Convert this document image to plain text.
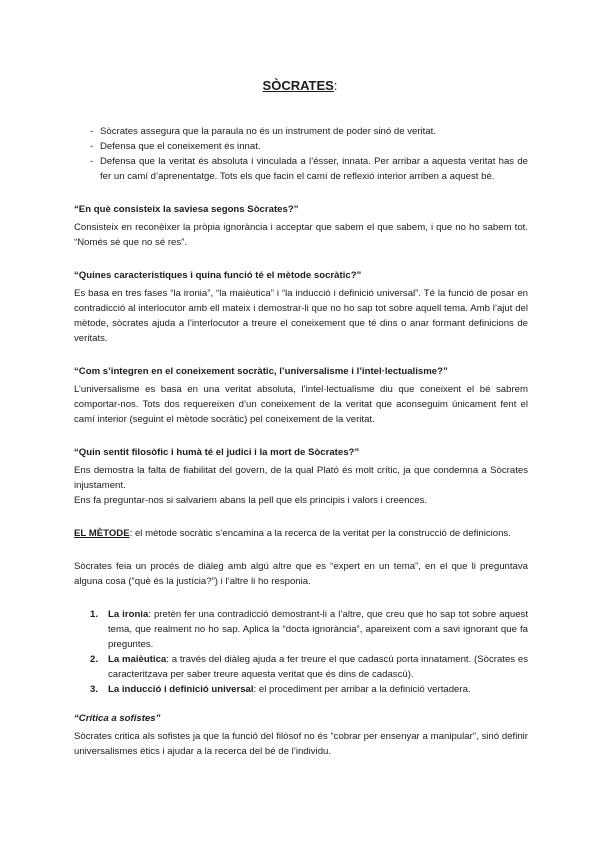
SÒCRATES:
- Sòcrates assegura que la paraula no és un instrument de poder sinó de veritat.
- Defensa que el coneixement és innat.
- Defensa que la veritat és absoluta i vinculada a l’ésser, innata. Per arribar a aquesta veritat has de fer un camí d’aprenentatge. Tots els que facin el camí de reflexió interior arriben a aquest bé.

“En què consisteix la saviesa segons Sòcrates?”

Consisteix en reconèixer la pròpia ignorància i acceptar que sabem el que sabem, i que no ho sabem tot. “Només sé que no sé res”.

“Quines característiques i quina funció té el mètode socràtic?”

Es basa en tres fases “la ironia”, “la maièutica” i “la inducció i definició universal”. Té la funció de posar en contradicció al interlocutor amb ell mateix i demostrar-li que no ho sap tot sobre aquell tema. Amb l’ajut del mètode, sòcrates ajuda a l’interlocutor a treure el coneixement que té dins o anar formant definicions de veritats.

“Com s’integren en el coneixement socràtic, l’universalisme i l’intel·lectualisme?”

L’universalisme es basa en una veritat absoluta, l’intel·lectualisme diu que coneixent el bé sabrem comportar-nos. Tots dos requereixen d’un coneixement de la veritat que aconseguim únicament fent el camí interior (seguint el mètode socràtic) pel coneixement de la veritat.

“Quin sentit filosòfic i humà té el judici i la mort de Sòcrates?”

Ens demostra la falta de fiabilitat del govern, de la qual Plató és molt crític, ja que condemna a Sòcrates injustament.

Ens fa preguntar-nos si salvariem abans la pell que els principis i valors i creences.

EL MÈTODE: el mètode socràtic s’encamina a la recerca de la veritat per la construcció de definicions.

Sòcrates feia un procés de diàleg amb algú altre que es “expert en un tema”, en el que li preguntava alguna cosa (“què és la justícia?”) i l’altre li ho responia.

1. La ironia: pretèn fer una contradicció demostrant-li a l’altre, que creu que ho sap tot sobre aquest tema, que realment no ho sap. Aplica la “docta ignorància”, apareixent com a savi ignorant que fa preguntes.
2. La maièutica: a través del diàleg ajuda a fer treure el que cadascú porta innatament. (Sòcrates es caracteritzava per saber treure aquesta veritat que és dins de cadascú).
3. La inducció i definició universal: el procediment per arribar a la definició vertadera.

“Crítica a sofistes”

Sòcrates critica als sofistes ja que la funció del filòsof no és “cobrar per ensenyar a manipular”, sinó definir universalismes ètics i ajudar a la recerca del bé de l’individu.
